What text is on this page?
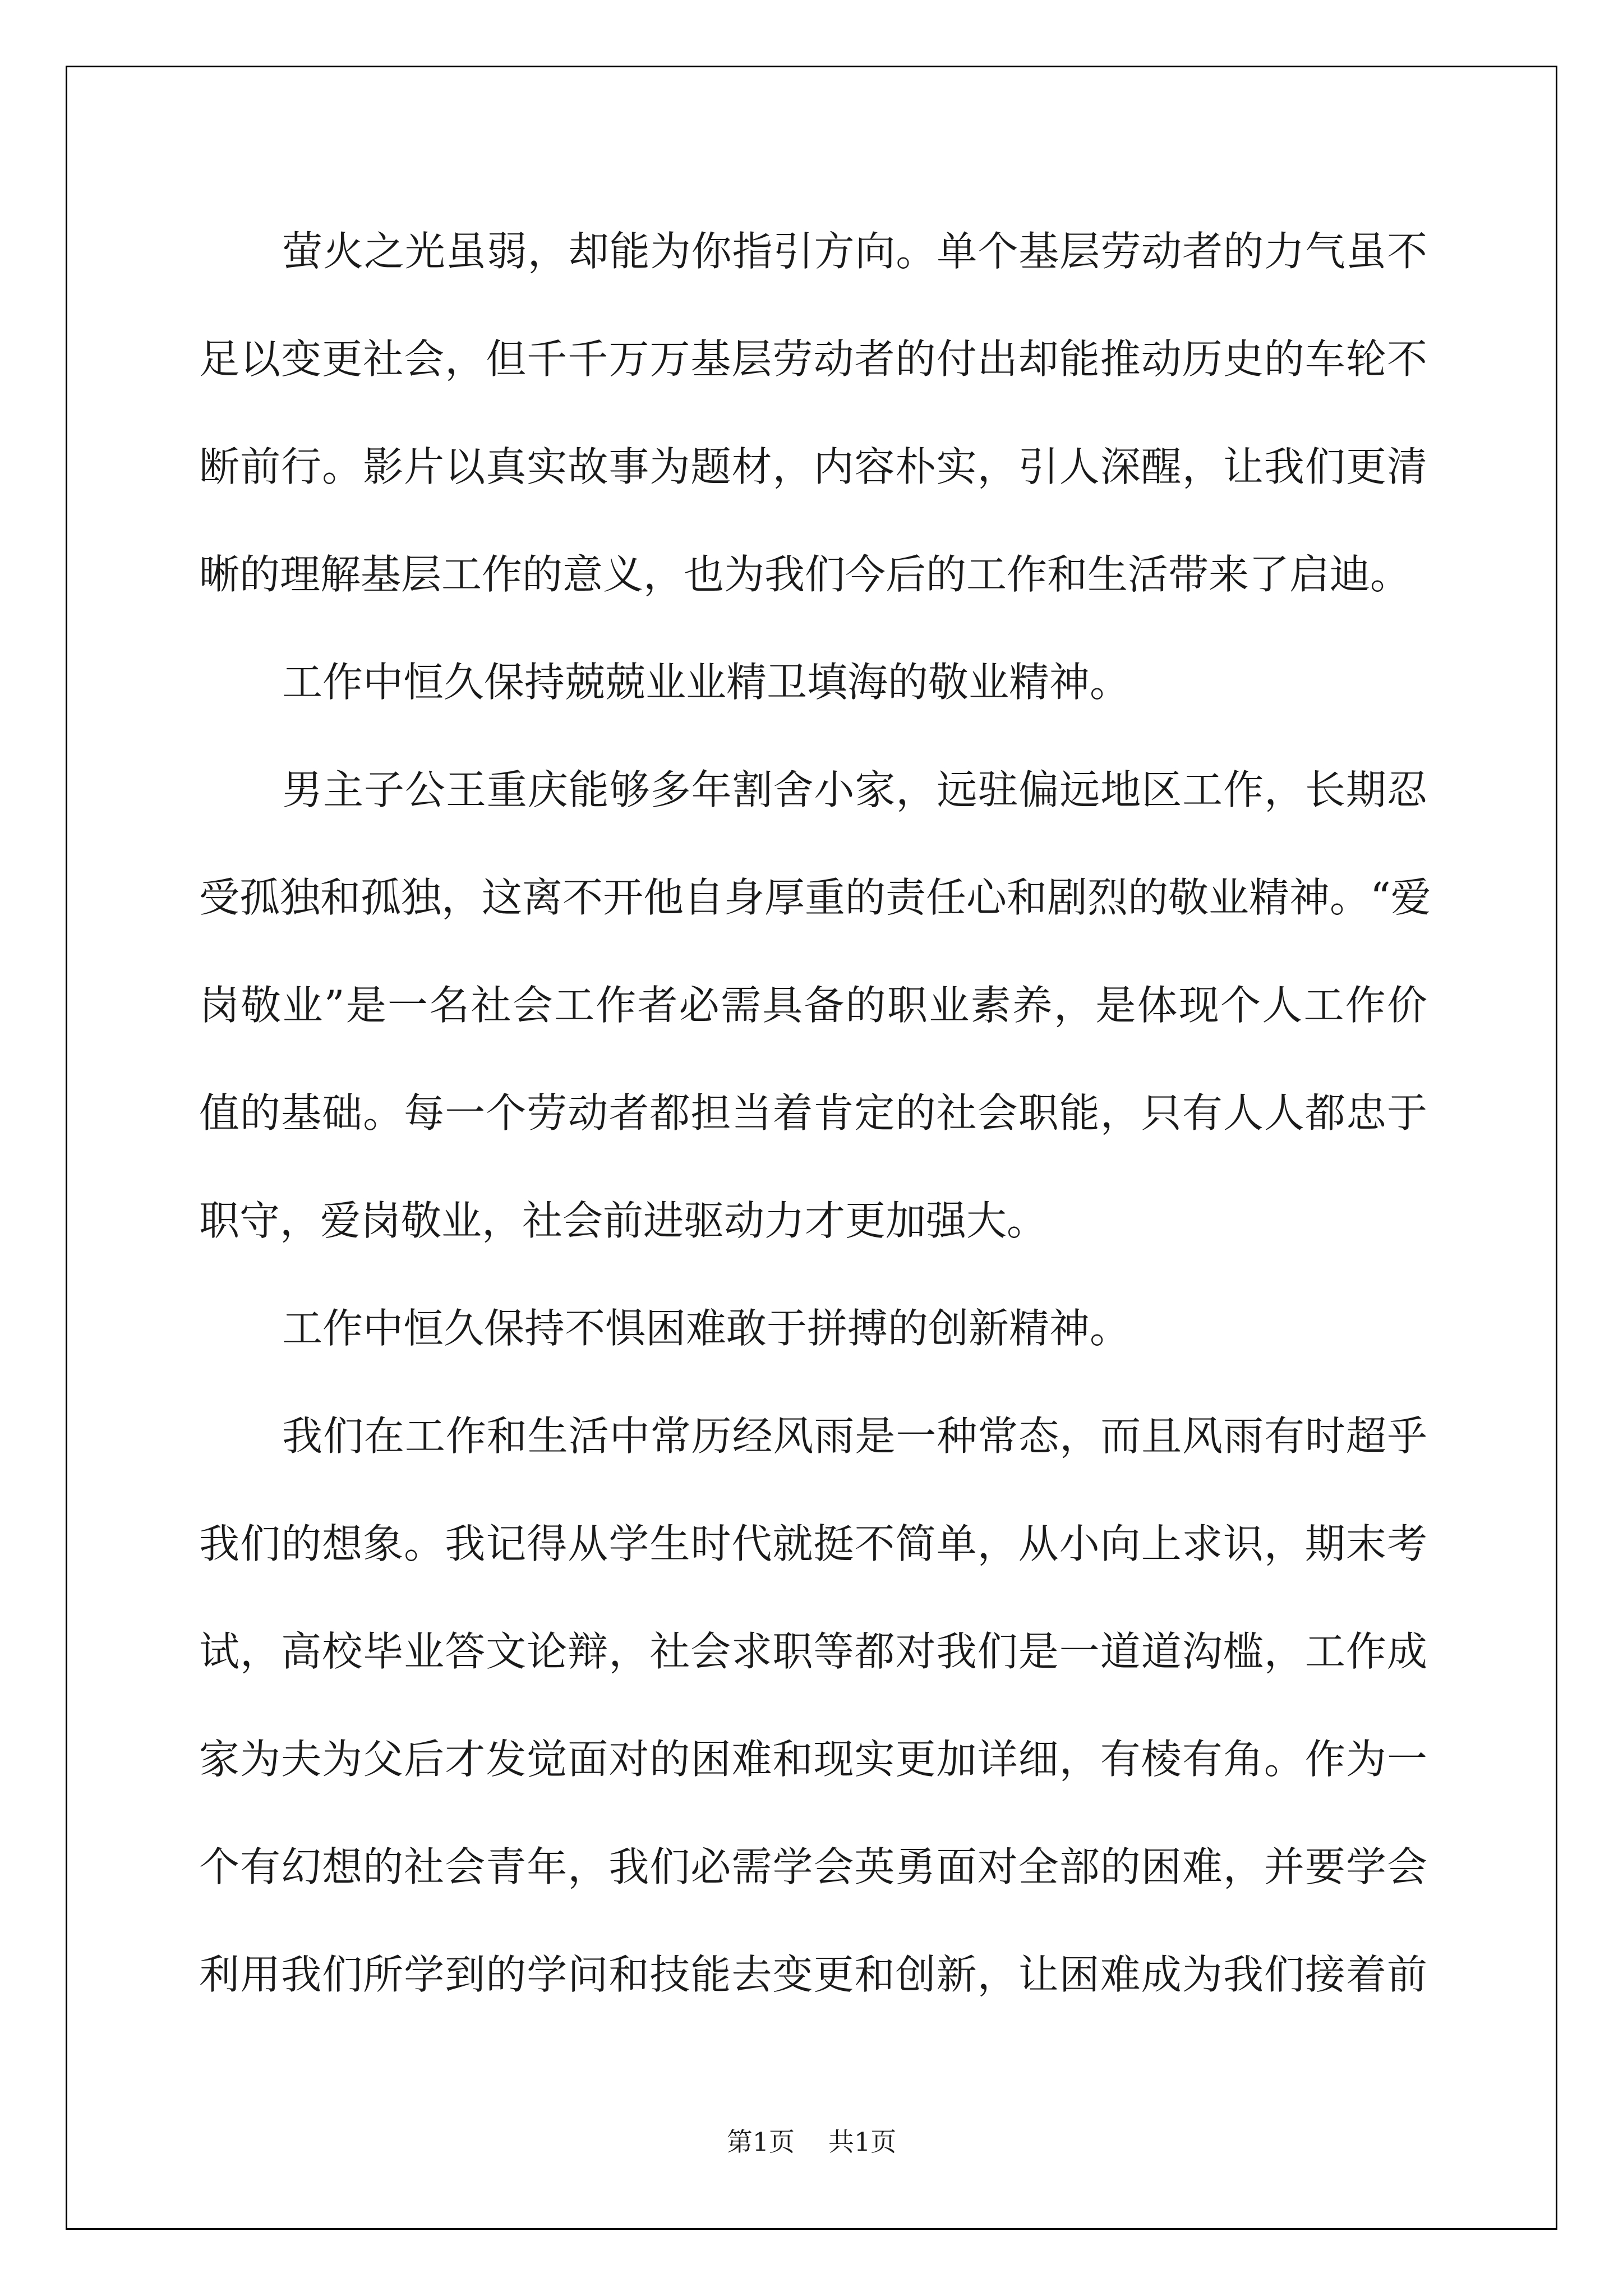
萤火之光虽弱，却能为你指引方向。单个基层劳动者的力气虽不
足以变更社会，但千千万万基层劳动者的付出却能推动历史的车轮不
断前行。影片以真实故事为题材，内容朴实，引人深醒，让我们更清
晰的理解基层工作的意义，也为我们今后的工作和生活带来了启迪。
工作中恒久保持兢兢业业精卫填海的敬业精神。
男主子公王重庆能够多年割舍小家，远驻偏远地区工作，长期忍
受孤独和孤独，这离不开他自身厚重的责任心和剧烈的敬业精神。“爱
岗敬业”是一名社会工作者必需具备的职业素养，是体现个人工作价
值的基础。每一个劳动者都担当着肯定的社会职能，只有人人都忠于
职守，爱岗敬业，社会前进驱动力才更加强大。
工作中恒久保持不惧困难敢于拼搏的创新精神。
我们在工作和生活中常历经风雨是一种常态，而且风雨有时超乎
我们的想象。我记得从学生时代就挺不简单，从小向上求识，期末考
试，高校毕业答文论辩，社会求职等都对我们是一道道沟槛，工作成
家为夫为父后才发觉面对的困难和现实更加详细，有棱有角。作为一
个有幻想的社会青年，我们必需学会英勇面对全部的困难，并要学会
利用我们所学到的学问和技能去变更和创新，让困难成为我们接着前
第1页 共1页
